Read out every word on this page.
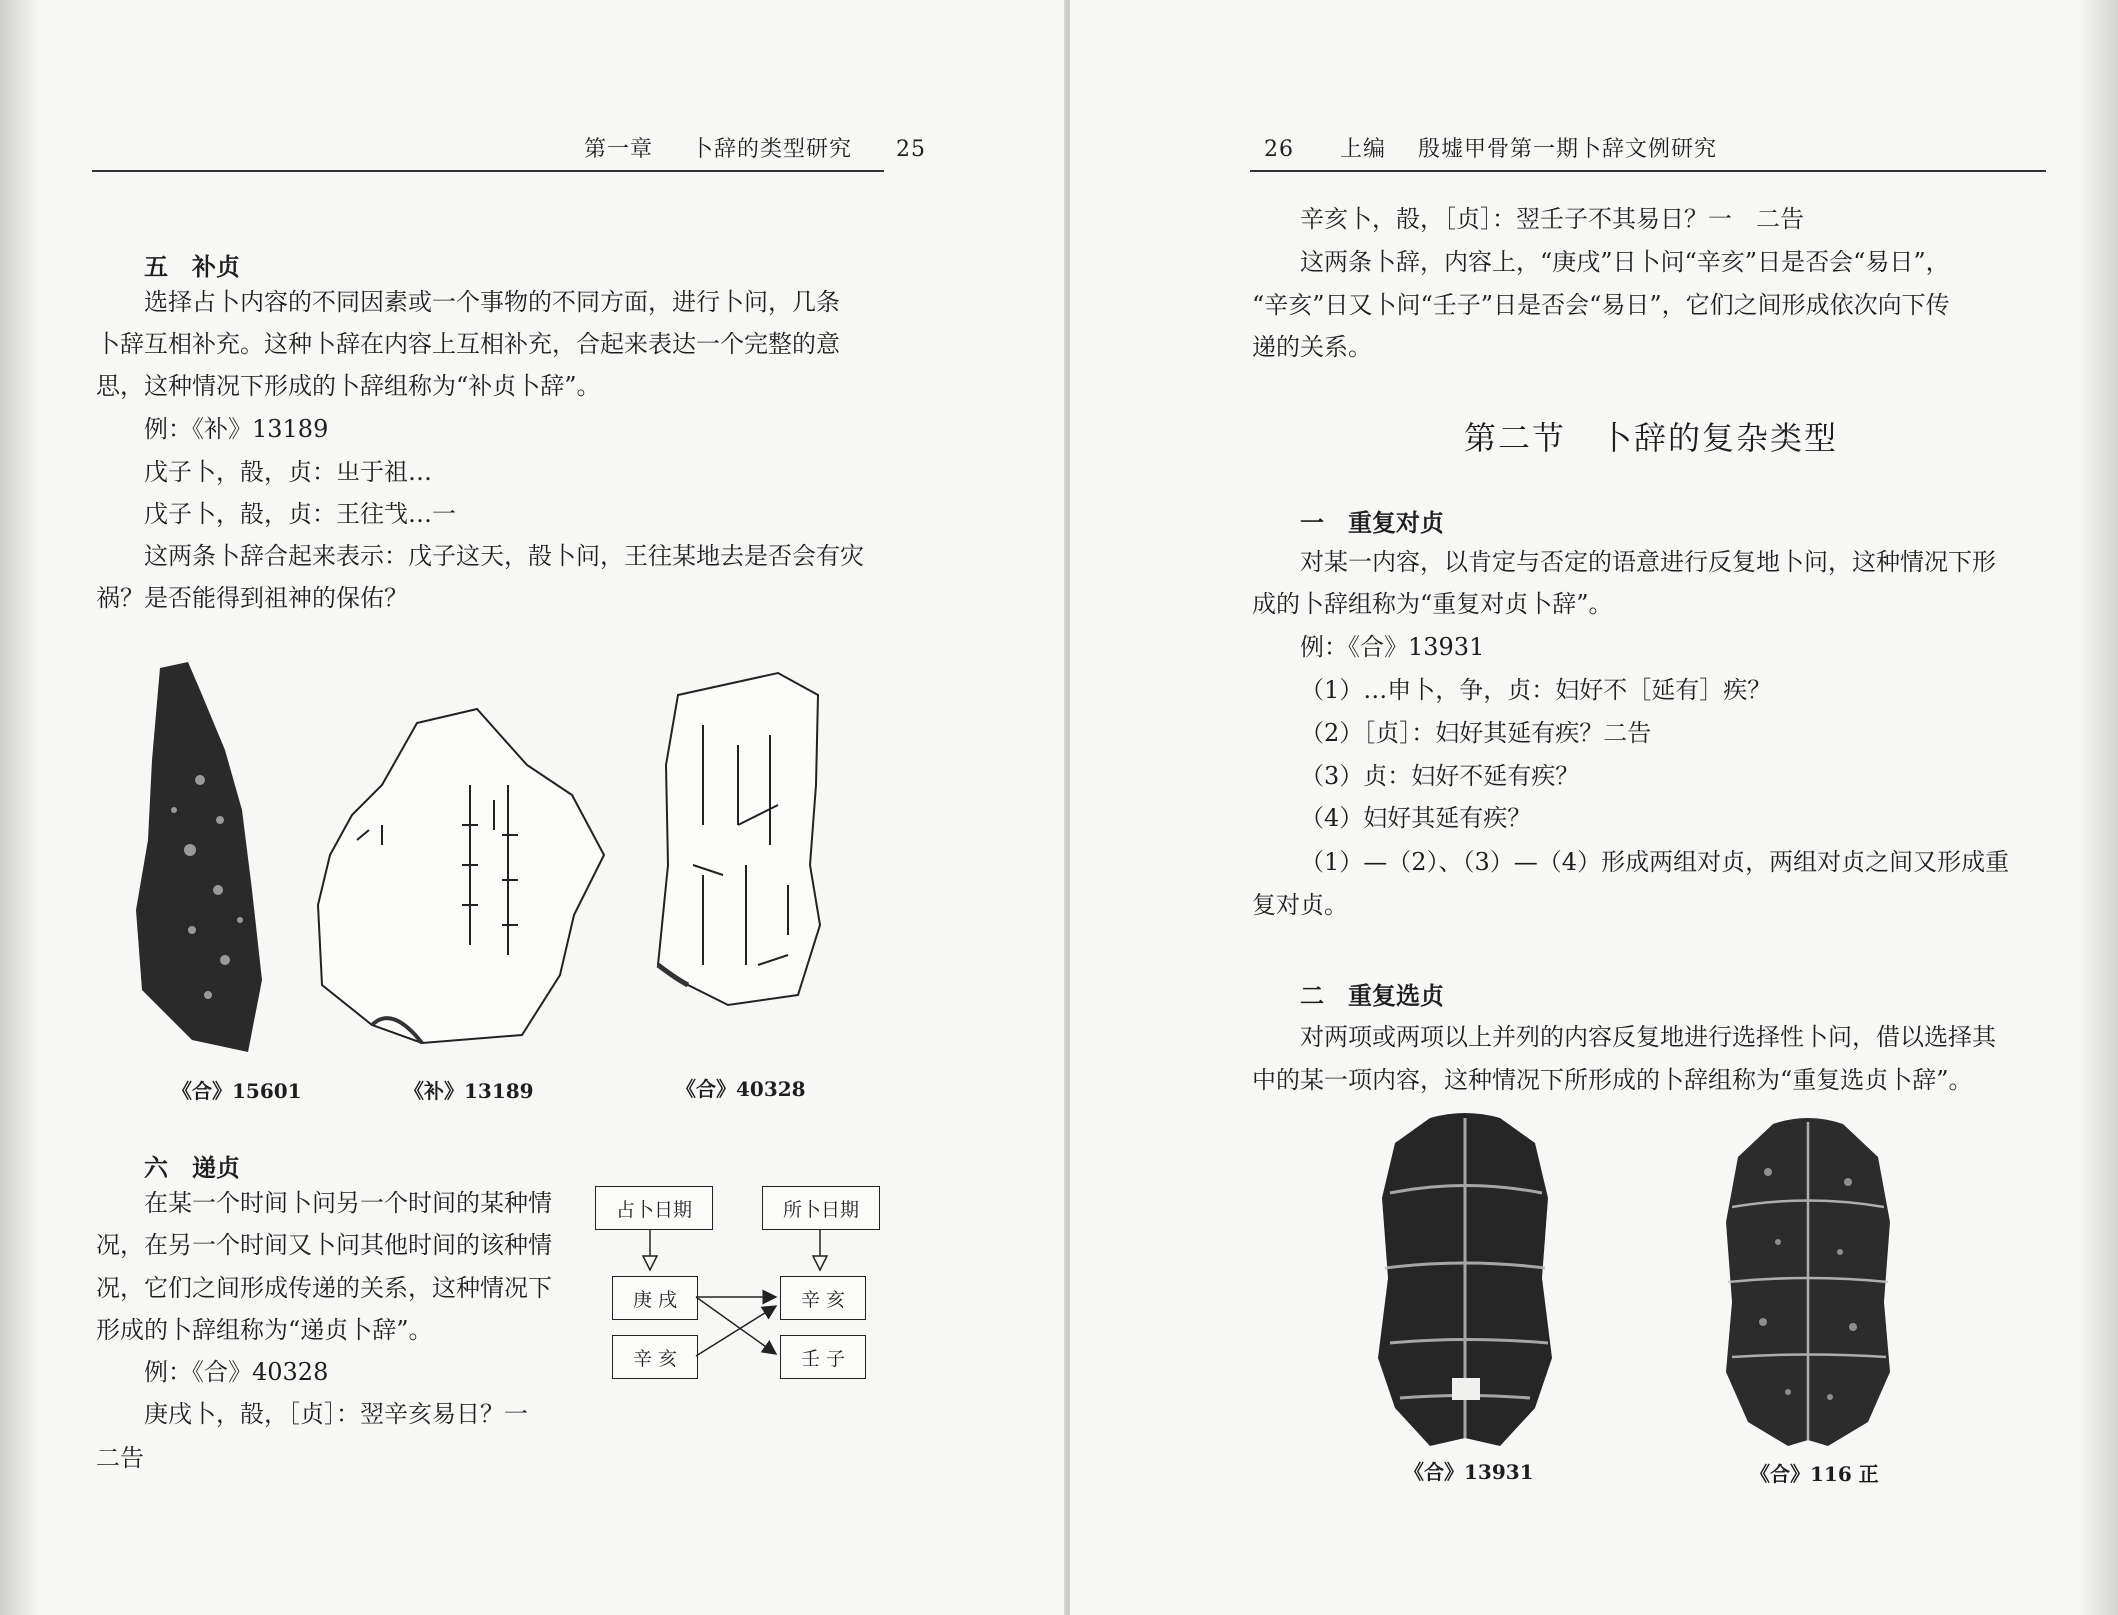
第一章 卜辞的类型研究 25
五　补贞
选择占卜内容的不同因素或一个事物的不同方面，进行卜问，几条
卜辞互相补充。这种卜辞在内容上互相补充，合起来表达一个完整的意
思，这种情况下形成的卜辞组称为“补贞卜辞”。
例：《补》13189
戊子卜，㱿，贞：㞢于祖…
戊子卜，㱿，贞：王往𢦏…一
这两条卜辞合起来表示：戊子这天，㱿卜问，王往某地去是否会有灾
祸？是否能得到祖神的保佑？
《合》15601	《补》13189	《合》40328
六　递贞
在某一个时间卜问另一个时间的某种情
况，在另一个时间又卜问其他时间的该种情
况，它们之间形成传递的关系，这种情况下
形成的卜辞组称为“递贞卜辞”。
例：《合》40328
庚戌卜，㱿，［贞］：翌辛亥易日？一
二告
占卜日期	所卜日期
庚 戌	辛 亥
辛 亥	壬 子
26 上编 殷墟甲骨第一期卜辞文例研究
辛亥卜，㱿，［贞］：翌壬子不其易日？一　二告
这两条卜辞，内容上，“庚戌”日卜问“辛亥”日是否会“易日”，
“辛亥”日又卜问“壬子”日是否会“易日”，它们之间形成依次向下传
递的关系。
第二节　卜辞的复杂类型
一　重复对贞
对某一内容，以肯定与否定的语意进行反复地卜问，这种情况下形
成的卜辞组称为“重复对贞卜辞”。
例：《合》13931
（1）…申卜，争，贞：妇好不［延有］疾？
（2）［贞］：妇好其延有疾？二告
（3）贞：妇好不延有疾？
（4）妇好其延有疾？
（1）—（2）、（3）—（4）形成两组对贞，两组对贞之间又形成重
复对贞。
二　重复选贞
对两项或两项以上并列的内容反复地进行选择性卜问，借以选择其
中的某一项内容，这种情况下所形成的卜辞组称为“重复选贞卜辞”。
《合》13931	《合》116 正
